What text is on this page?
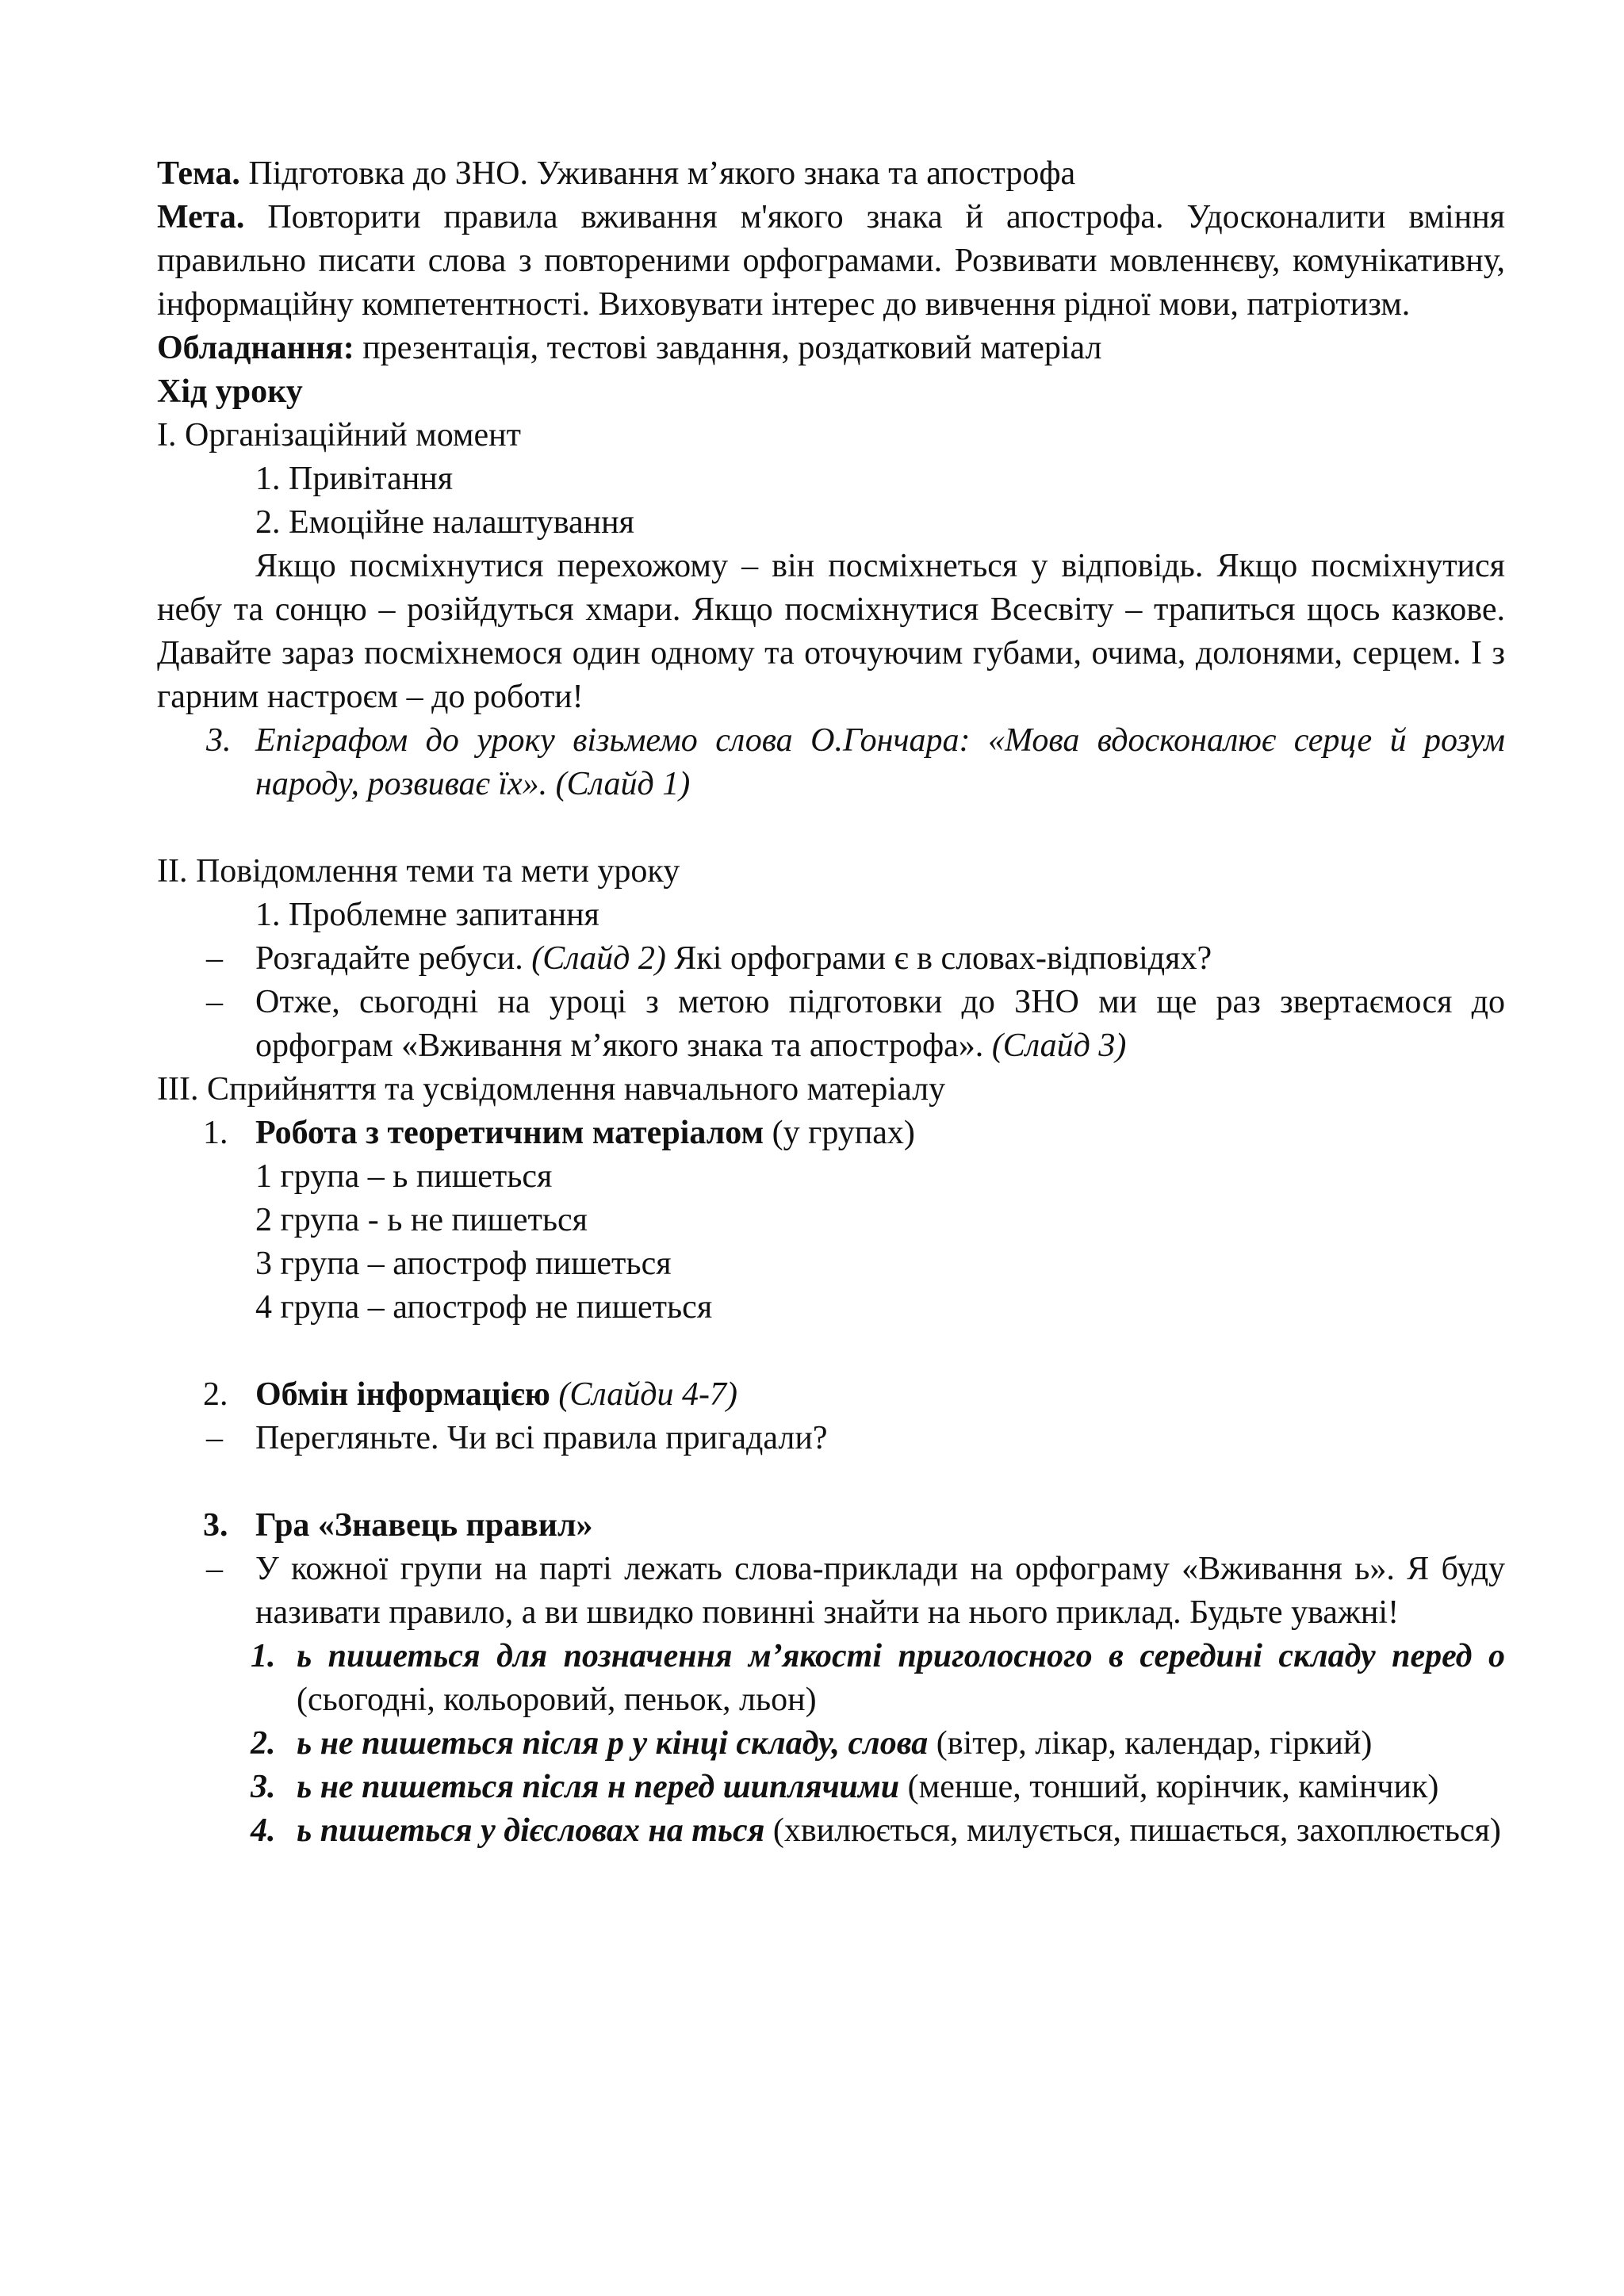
Тема. Підготовка до ЗНО. Уживання м’якого знака та апострофа

Мета. Повторити правила вживання м'якого знака й апострофа. Удосконалити вміння правильно писати слова з повтореними орфограмами. Розвивати мовленнєву, комунікативну, інформаційну компетентності. Виховувати інтерес до вивчення рідної мови, патріотизм.

Обладнання: презентація, тестові завдання, роздатковий матеріал

Хід уроку

І. Організаційний момент

1. Привітання

2. Емоційне налаштування

Якщо посміхнутися перехожому – він посміхнеться у відповідь. Якщо посміхнутися небу та сонцю – розійдуться хмари. Якщо посміхнутися Всесвіту – трапиться щось казкове. Давайте зараз посміхнемося один одному та оточуючим губами, очима, долонями, серцем. І з гарним настроєм – до роботи!

3. Епіграфом до уроку візьмемо слова О.Гончара: «Мова вдосконалює серце й розум народу, розвиває їх». (Слайд 1)

ІІ. Повідомлення теми та мети уроку

1. Проблемне запитання

– Розгадайте ребуси. (Слайд 2) Які орфограми є в словах-відповідях?

– Отже, сьогодні на уроці з метою підготовки до ЗНО ми ще раз звертаємося до орфограм «Вживання м’якого знака та апострофа». (Слайд 3)

ІІІ. Сприйняття та усвідомлення навчального матеріалу

1. Робота з теоретичним матеріалом (у групах)

1 група – ь пишеться

2 група - ь не пишеться

3 група – апостроф пишеться

4 група – апостроф не пишеться

2. Обмін інформацією (Слайди 4-7)

– Перегляньте. Чи всі правила пригадали?

3. Гра «Знавець правил»

– У кожної групи на парті лежать слова-приклади на орфограму «Вживання ь». Я буду називати правило, а ви швидко повинні знайти на нього приклад. Будьте уважні!

1. ь пишеться для позначення м’якості приголосного в середині складу перед о (сьогодні, кольоровий, пеньок, льон)

2. ь не пишеться після р у кінці складу, слова (вітер, лікар, календар, гіркий)

3. ь не пишеться після н перед шиплячими (менше, тонший, корінчик, камінчик)

4. ь пишеться у дієсловах на ться (хвилюється, милується, пишається, захоплюється)
